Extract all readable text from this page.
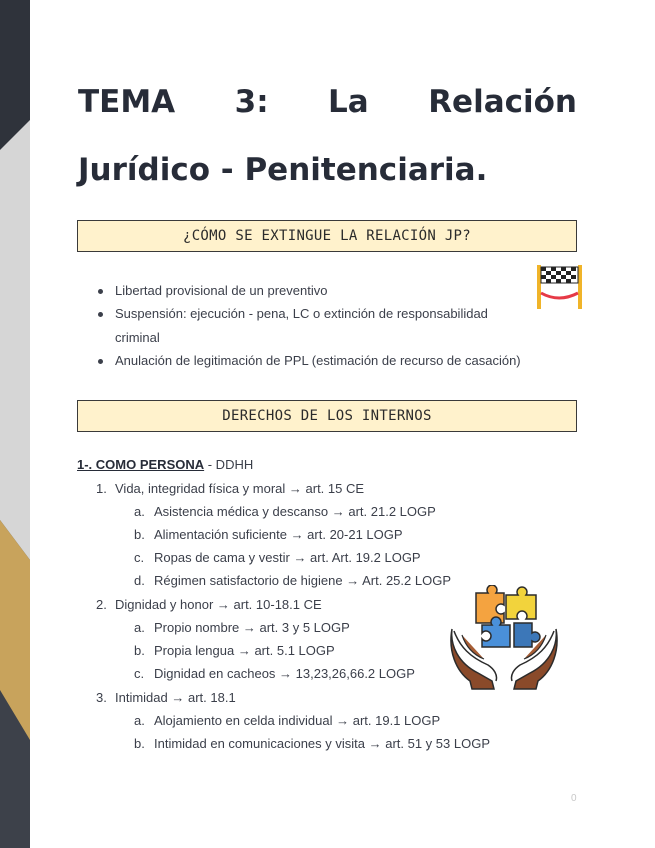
TEMA 3: La Relación
Jurídico - Penitenciaria.
¿CÓMO SE EXTINGUE LA RELACIÓN JP?
Libertad provisional de un preventivo
Suspensión: ejecución - pena, LC o extinción de responsabilidad
criminal
Anulación de legitimación de PPL (estimación de recurso de casación)
DERECHOS DE LOS INTERNOS
1-. COMO PERSONA - DDHH
1. Vida, integridad física y moral → art. 15 CE
a. Asistencia médica y descanso → art. 21.2 LOGP
b. Alimentación suficiente → art. 20-21 LOGP
c. Ropas de cama y vestir → art. Art. 19.2 LOGP
d. Régimen satisfactorio de higiene → Art. 25.2 LOGP
2. Dignidad y honor → art. 10-18.1 CE
a. Propio nombre → art. 3 y 5 LOGP
b. Propia lengua → art. 5.1 LOGP
c. Dignidad en cacheos → 13,23,26,66.2 LOGP
3. Intimidad → art. 18.1
a. Alojamiento en celda individual → art. 19.1 LOGP
b. Intimidad en comunicaciones y visita → art. 51 y 53 LOGP
0
